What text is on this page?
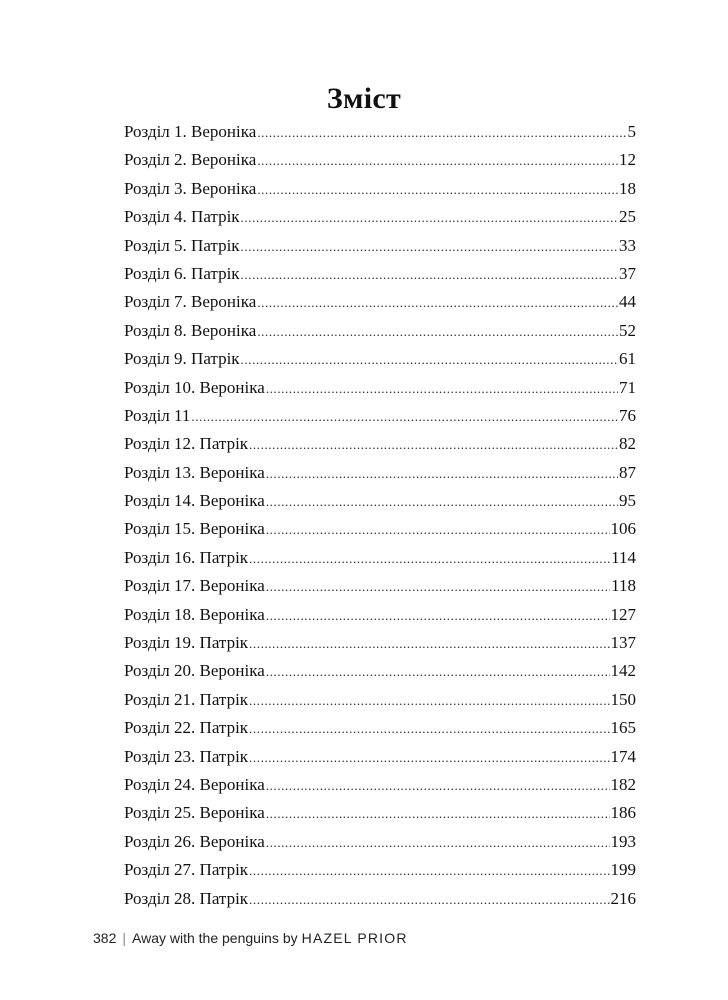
Зміст
Розділ 1. Вероніка .....	5
Розділ 2. Вероніка .....	12
Розділ 3. Вероніка .....	18
Розділ 4. Патрік .....	25
Розділ 5. Патрік .....	33
Розділ 6. Патрік .....	37
Розділ 7. Вероніка .....	44
Розділ 8. Вероніка .....	52
Розділ 9. Патрік .....	61
Розділ 10. Вероніка .....	71
Розділ 11 .....	76
Розділ 12. Патрік .....	82
Розділ 13. Вероніка .....	87
Розділ 14. Вероніка .....	95
Розділ 15. Вероніка .....	106
Розділ 16. Патрік .....	114
Розділ 17. Вероніка .....	118
Розділ 18. Вероніка .....	127
Розділ 19. Патрік .....	137
Розділ 20. Вероніка .....	142
Розділ 21. Патрік .....	150
Розділ 22. Патрік .....	165
Розділ 23. Патрік .....	174
Розділ 24. Вероніка .....	182
Розділ 25. Вероніка .....	186
Розділ 26. Вероніка .....	193
Розділ 27. Патрік .....	199
Розділ 28. Патрік .....	216
382 | Away with the penguins by HAZEL PRIOR
